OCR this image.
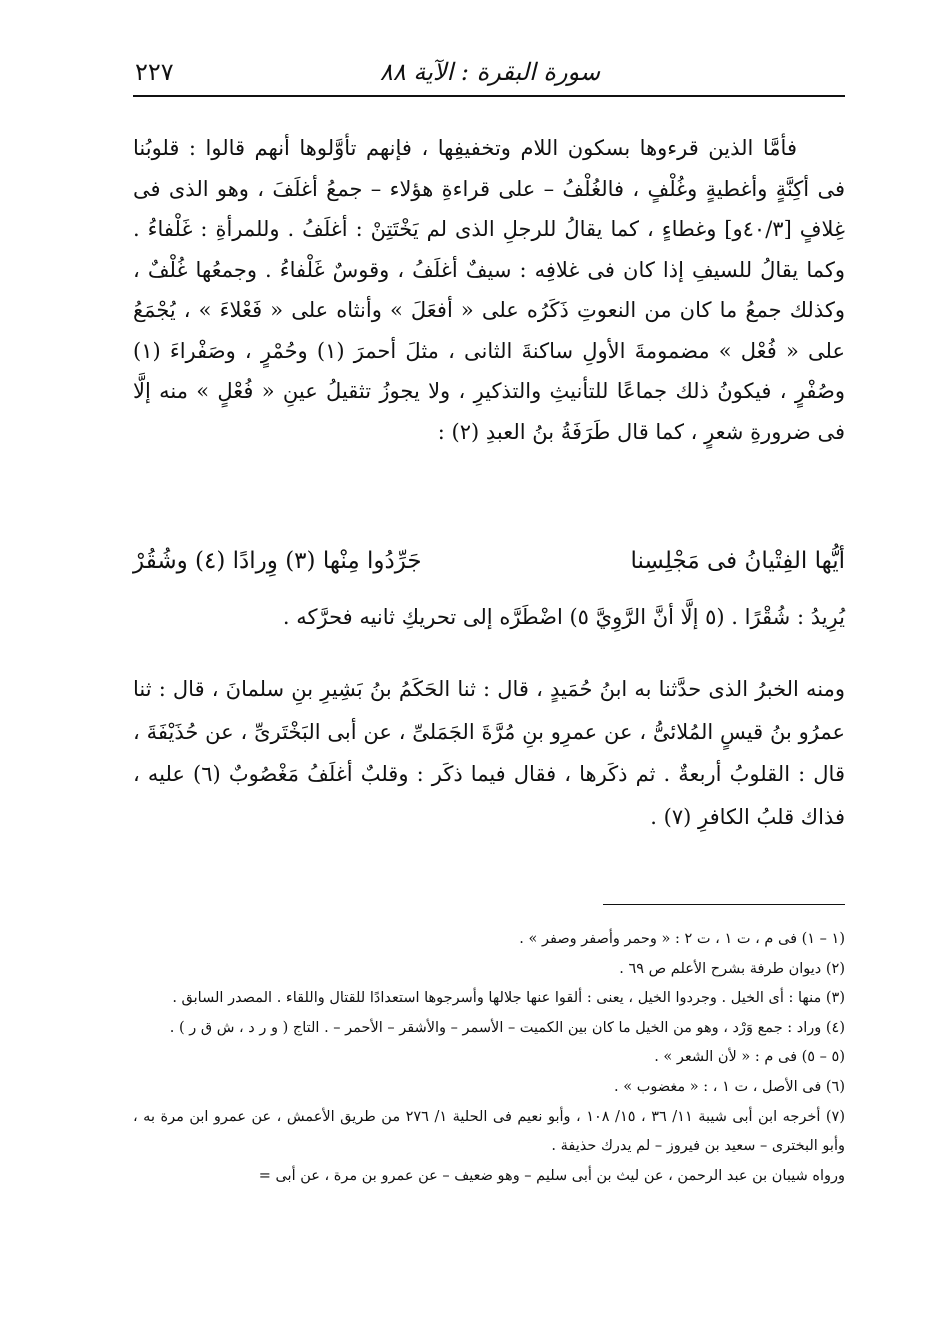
٢٢٧	سورة البقرة : الآية ٨٨

فأمَّا الذين قرءوها بسكون اللام وتخفيفِها ، فإنهم تأوَّلوها أنهم قالوا : قلوبُنا فى أكِنَّةٍ وأغطيةٍ وغُلْفٍ ، فالغُلْفُ – على قراءةِ هؤلاء – جمعُ أغلَفَ ، وهو الذى فى غِلافٍ [٤٠/٣و] وغطاءٍ ، كما يقالُ للرجلِ الذى لم يَخْتَتِنْ : أغلَفُ . وللمرأةِ : غَلْفاءُ . وكما يقالُ للسيفِ إذا كان فى غلافِه : سيفٌ أغلَفُ ، وقوسٌ غَلْفاءُ . وجمعُها غُلْفٌ ، وكذلك جمعُ ما كان من النعوتِ ذَكَرُه على « أفعَلَ » وأنثاه على « فَعْلاءَ » ، يُجْمَعُ على « فُعْل » مضمومةَ الأولِ ساكنةَ الثانى ، مثلَ أحمرَ (١) وحُمْرٍ ، وصَفْراءَ (١) وصُفْرٍ ، فيكونُ ذلك جماعًا للتأنيثِ والتذكيرِ ، ولا يجوزُ تثقيلُ عينِ « فُعْلٍ » منه إلَّا فى ضرورةِ شعرٍ ، كما قال طَرَفَةُ بنُ العبدِ (٢) :

أيُّها الفِتْيانُ فى مَجْلِسِنا
جَرِّدُوا مِنْها (٣) وِرادًا (٤) وشُقُرْ

يُرِيدُ : شُقْرًا . (٥ إلَّا أنَّ الرَّوِيَّ ٥) اضْطَرَّه إلى تحريكِ ثانيه فحرَّكه .

ومنه الخبرُ الذى حدَّثنا به ابنُ حُمَيدٍ ، قال : ثنا الحَكَمُ بنُ بَشِيرِ بنِ سلمانَ ، قال : ثنا عمرُو بنُ قيسٍ المُلائىُّ ، عن عمرِو بنِ مُرَّةَ الجَمَلىِّ ، عن أبى البَخْتَرىِّ ، عن حُذَيْفَةَ ، قال : القلوبُ أربعةٌ . ثم ذكَرها ، فقال فيما ذكَر : وقلبٌ أغلَفُ مَغْصُوبٌ (٦) عليه ، فذاك قلبُ الكافرِ (٧) .

(١ – ١) فى م ، ت ١ ، ت ٢ : « وحمر وأصفر وصفر » .

(٢) ديوان طرفة بشرح الأعلم ص ٦٩ .

(٣) منها : أى الخيل . وجردوا الخيل ، يعنى : ألقوا عنها جلالها وأسرجوها استعدادًا للقتال واللقاء . المصدر السابق .

(٤) وراد : جمع وَرْد ، وهو من الخيل ما كان بين الكميت – الأسمر – والأشقر – الأحمر – . التاج ( و ر د ، ش ق ر ) .

(٥ – ٥) فى م : « لأن الشعر » .

(٦) فى الأصل ، ت ١ ، : « مغضوب » .

(٧) أخرجه ابن أبى شيبة ١١/ ٣٦ ، ١٥/ ١٠٨ ، وأبو نعيم فى الحلية ١/ ٢٧٦ من طريق الأعمش ، عن عمرو ابن مرة به ، وأبو البخترى – سعيد بن فيروز – لم يدرك حذيفة .

ورواه شيبان بن عبد الرحمن ، عن ليث بن أبى سليم – وهو ضعيف – عن عمرو بن مرة ، عن أبى =
